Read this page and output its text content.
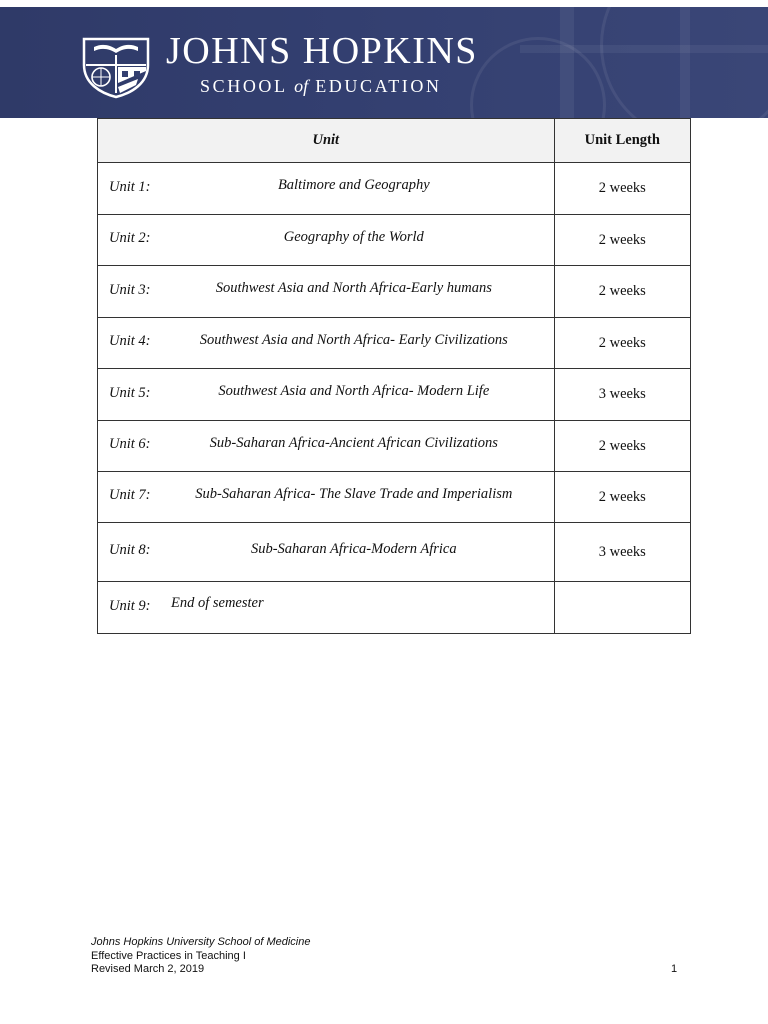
JOHNS HOPKINS
SCHOOL of EDUCATION
Unit	Unit Length

Unit 1: Baltimore and Geography	2 weeks

Unit 2: Geography of the World	2 weeks

Unit 3: Southwest Asia and North Africa-Early humans	2 weeks

Unit 4: Southwest Asia and North Africa- Early Civilizations	2 weeks

Unit 5: Southwest Asia and North Africa- Modern Life	3 weeks

Unit 6: Sub-Saharan Africa-Ancient African Civilizations	2 weeks

Unit 7: Sub-Saharan Africa- The Slave Trade and Imperialism	2 weeks

Unit 8: Sub-Saharan Africa-Modern Africa	3 weeks

Unit 9: End of semester	

Johns Hopkins University School of Medicine
Effective Practices in Teaching I
Revised March 2, 2019	1
